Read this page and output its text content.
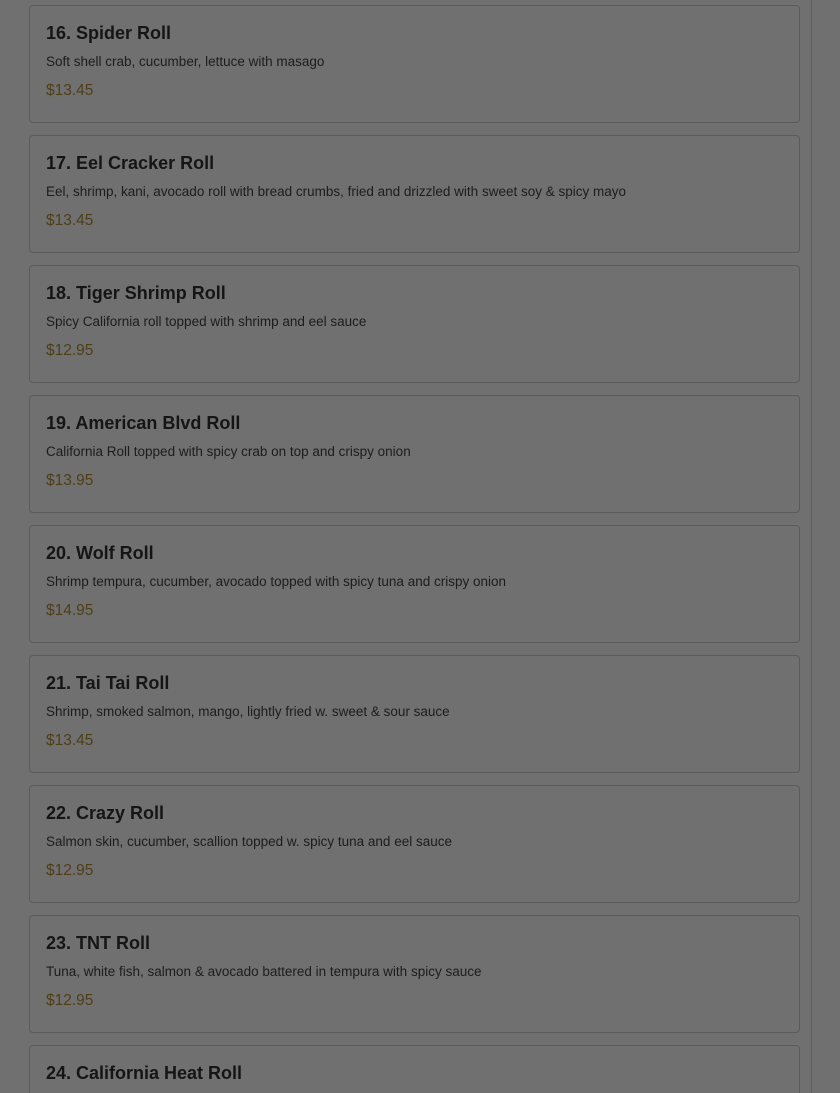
16. Spider Roll

Soft shell crab, cucumber, lettuce with masago

$13.45

17. Eel Cracker Roll

Eel, shrimp, kani, avocado roll with bread crumbs, fried and drizzled with sweet soy & spicy mayo

$13.45

18. Tiger Shrimp Roll

Spicy California roll topped with shrimp and eel sauce

$12.95

19. American Blvd Roll

California Roll topped with spicy crab on top and crispy onion

$13.95

20. Wolf Roll

Shrimp tempura, cucumber, avocado topped with spicy tuna and crispy onion

$14.95

21. Tai Tai Roll

Shrimp, smoked salmon, mango, lightly fried w. sweet & sour sauce

$13.45

22. Crazy Roll

Salmon skin, cucumber, scallion topped w. spicy tuna and eel sauce

$12.95

23. TNT Roll

Tuna, white fish, salmon & avocado battered in tempura with spicy sauce

$12.95

24. California Heat Roll
